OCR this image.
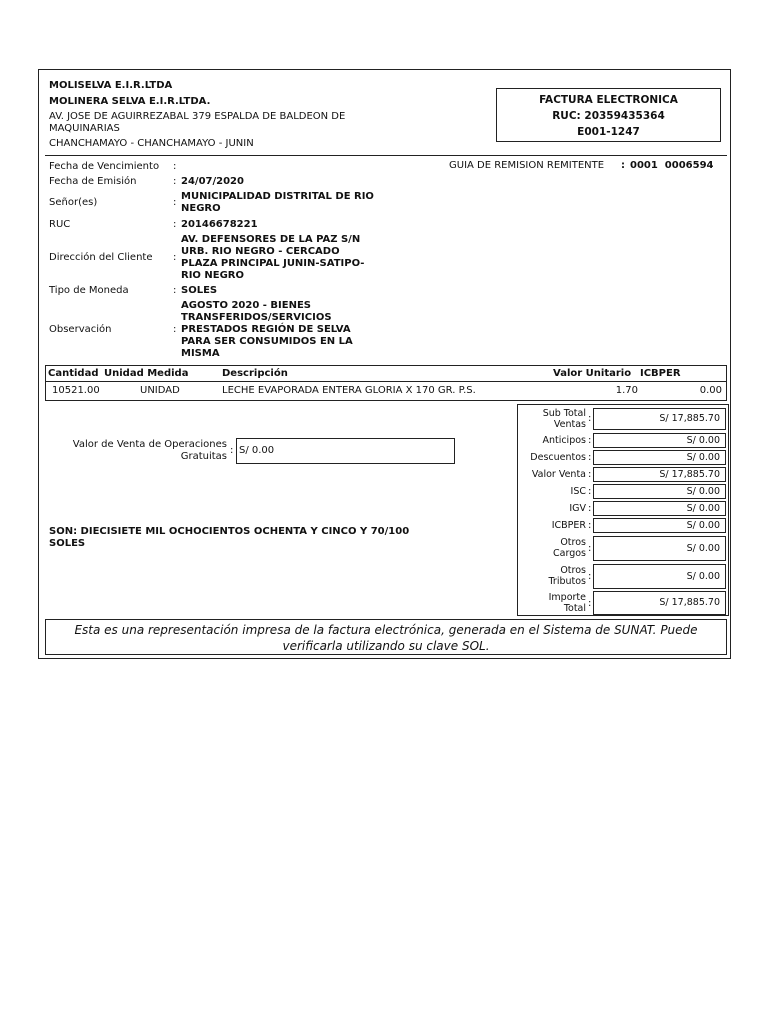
MOLISELVA E.I.R.LTDA
MOLINERA SELVA E.I.R.LTDA.
AV. JOSE DE AGUIRREZABAL 379 ESPALDA DE BALDEON DE
MAQUINARIAS
CHANCHAMAYO - CHANCHAMAYO - JUNIN
FACTURA ELECTRONICA
RUC: 20359435364
E001-1247
GUIA DE REMISION REMITENTE : 0001  0006594
Fecha de Vencimiento :
Fecha de Emisión	: 24/07/2020
Señor(es)	:
MUNICIPALIDAD DISTRITAL DE RIO NEGRO
RUC	: 20146678221
Dirección del Cliente :
AV. DEFENSORES DE LA PAZ S/N URB. RIO NEGRO - CERCADO PLAZA PRINCIPAL JUNIN-SATIPO-RIO NEGRO
Tipo de Moneda	: SOLES
Observación	:
AGOSTO 2020 - BIENES TRANSFERIDOS/SERVICIOS PRESTADOS REGIÓN DE SELVA PARA SER CONSUMIDOS EN LA MISMA
Cantidad Unidad Medida	Descripción	Valor Unitario ICBPER
10521.00	UNIDAD	LECHE EVAPORADA ENTERA GLORIA X 170 GR. P.S.	1.70	0.00
Valor de Venta de Operaciones
Gratuitas
: S/ 0.00
SON: DIECISIETE MIL OCHOCIENTOS OCHENTA Y CINCO Y 70/100
SOLES
Sub Total Ventas
:	S/ 17,885.70
Anticipos :	S/ 0.00
Descuentos :	S/ 0.00
Valor Venta :	S/ 17,885.70
ISC :	S/ 0.00
IGV :	S/ 0.00
ICBPER :	S/ 0.00
Otros Cargos :	S/ 0.00
Otros Tributos :	S/ 0.00
Importe Total :	S/ 17,885.70
Esta es una representación impresa de la factura electrónica, generada en el Sistema de SUNAT. Puede verificarla utilizando su clave SOL.
